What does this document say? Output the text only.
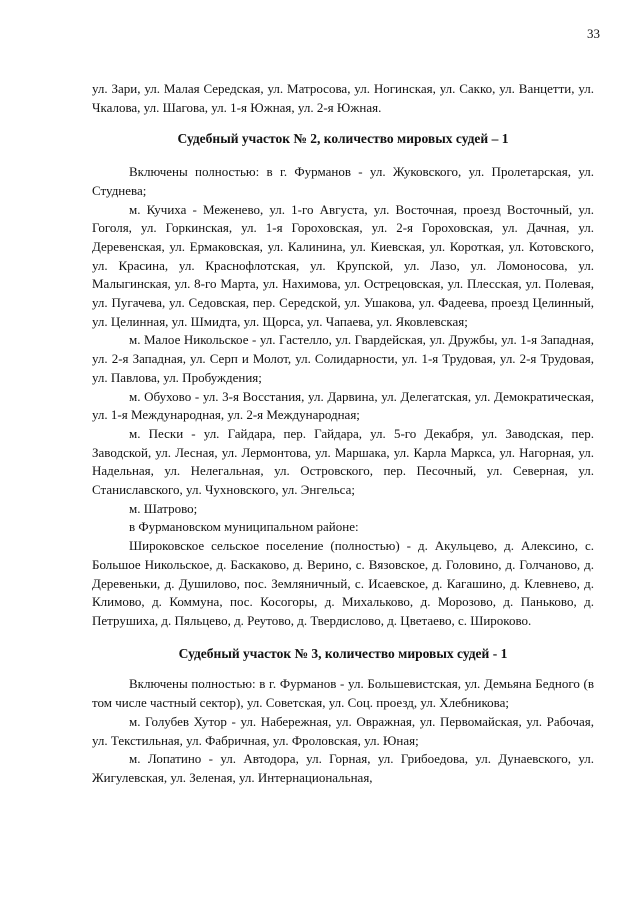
33

ул. Зари, ул. Малая Середская, ул. Матросова, ул. Ногинская, ул. Сакко, ул. Ванцетти, ул. Чкалова, ул. Шагова, ул. 1-я Южная, ул. 2-я Южная.

Судебный участок № 2, количество мировых судей – 1

Включены полностью: в г. Фурманов - ул. Жуковского, ул. Пролетарская, ул. Студнева;

м. Кучиха - Меженево, ул. 1-го Августа, ул. Восточная, проезд Восточный, ул. Гоголя, ул. Горкинская, ул. 1-я Гороховская, ул. 2-я Гороховская, ул. Дачная, ул. Деревенская, ул. Ермаковская, ул. Калинина, ул. Киевская, ул. Короткая, ул. Котовского, ул. Красина, ул. Краснофлотская, ул. Крупской, ул. Лазо, ул. Ломоносова, ул. Малыгинская, ул. 8-го Марта, ул. Нахимова, ул. Острецовская, ул. Плесская, ул. Полевая, ул. Пугачева, ул. Седовская, пер. Середской, ул. Ушакова, ул. Фадеева, проезд Целинный, ул. Целинная, ул. Шмидта, ул. Щорса, ул. Чапаева, ул. Яковлевская;

м. Малое Никольское - ул. Гастелло, ул. Гвардейская, ул. Дружбы, ул. 1-я Западная, ул. 2-я Западная, ул. Серп и Молот, ул. Солидарности, ул. 1-я Трудовая, ул. 2-я Трудовая, ул. Павлова, ул. Пробуждения;

м. Обухово - ул. 3-я Восстания, ул. Дарвина, ул. Делегатская, ул. Демократическая, ул. 1-я Международная, ул. 2-я Международная;

м. Пески - ул. Гайдара, пер. Гайдара, ул. 5-го Декабря, ул. Заводская, пер. Заводской, ул. Лесная, ул. Лермонтова, ул. Маршака, ул. Карла Маркса, ул. Нагорная, ул. Надельная, ул. Нелегальная, ул. Островского, пер. Песочный, ул. Северная, ул. Станиславского, ул. Чухновского, ул. Энгельса;

м. Шатрово;

в Фурмановском муниципальном районе:

Широковское сельское поселение (полностью) - д. Акульцево, д. Алексино, с. Большое Никольское, д. Баскаково, д. Верино, с. Вязовское, д. Головино, д. Голчаново, д. Деревеньки, д. Душилово, пос. Земляничный, с. Исаевское, д. Кагашино, д. Клевнево, д. Климово, д. Коммуна, пос. Косогоры, д. Михальково, д. Морозово, д. Паньково, д. Петрушиха, д. Пяльцево, д. Реутово, д. Твердислово, д. Цветаево, с. Широково.

Судебный участок № 3, количество мировых судей - 1

Включены полностью: в г. Фурманов - ул. Большевистская, ул. Демьяна Бедного (в том числе частный сектор), ул. Советская, ул. Соц. проезд, ул. Хлебникова;

м. Голубев Хутор - ул. Набережная, ул. Овражная, ул. Первомайская, ул. Рабочая, ул. Текстильная, ул. Фабричная, ул. Фроловская, ул. Юная;

м. Лопатино - ул. Автодора, ул. Горная, ул. Грибоедова, ул. Дунаевского, ул. Жигулевская, ул. Зеленая, ул. Интернациональная,
